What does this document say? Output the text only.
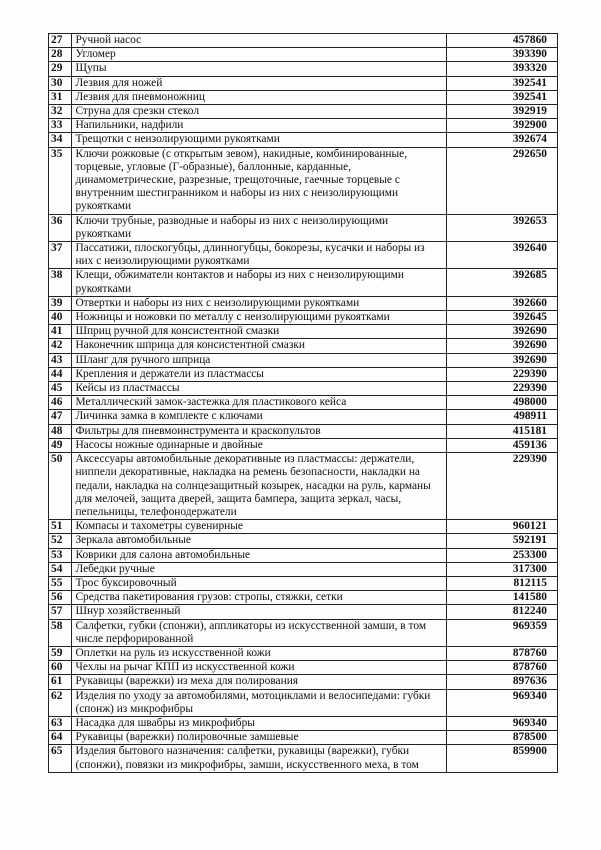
27	Ручной насос	457860
28	Угломер	393390
29	Щупы	393320
30	Лезвия для ножей	392541
31	Лезвия для пневмоножниц	392541
32	Струна для срезки стекол	392919
33	Напильники, надфили	392900
34	Трещотки с неизолирующими рукоятками	392674
35	Ключи рожковые (с открытым зевом), накидные, комбинированные, торцевые, угловые (Г-образные), баллонные, карданные, динамометрические, разрезные, трещоточные, гаечные торцевые с внутренним шестигранником и наборы из них с неизолирующими рукоятками	292650
36	Ключи трубные, разводные и наборы из них с неизолирующими рукоятками	392653
37	Пассатижи, плоскогубцы, длинногубцы, бокорезы, кусачки и наборы из них с неизолирующими рукоятками	392640
38	Клещи, обжиматели контактов и наборы из них с неизолирующими рукоятками	392685
39	Отвертки и наборы из них с неизолирующими рукоятками	392660
40	Ножницы и ножовки по металлу с неизолирующими рукоятками	392645
41	Шприц ручной для консистентной смазки	392690
42	Наконечник шприца для консистентной смазки	392690
43	Шланг для ручного шприца	392690
44	Крепления и держатели из пластмассы	229390
45	Кейсы из пластмассы	229390
46	Металлический замок-застежка для пластикового кейса	498000
47	Личинка замка в комплекте с ключами	498911
48	Фильтры для пневмоинструмента и краскопультов	415181
49	Насосы ножные одинарные и двойные	459136
50	Аксессуары автомобильные декоративные из пластмассы: держатели, ниппели декоративные, накладка на ремень безопасности, накладки на педали, накладка на солнцезащитный козырек, насадки на руль, карманы для мелочей, защита дверей, защита бампера, защита зеркал, часы, пепельницы, телефонодержатели	229390
51	Компасы и тахометры сувенирные	960121
52	Зеркала автомобильные	592191
53	Коврики для салона автомобильные	253300
54	Лебедки ручные	317300
55	Трос буксировочный	812115
56	Средства пакетирования грузов: стропы, стяжки, сетки	141580
57	Шнур хозяйственный	812240
58	Салфетки, губки (спонжи), аппликаторы из искусственной замши, в том числе перфорированной	969359
59	Оплетки на руль из искусственной кожи	878760
60	Чехлы на рычаг КПП из искусственной кожи	878760
61	Рукавицы (варежки) из меха для полирования	897636
62	Изделия по уходу за автомобилями, мотоциклами и велосипедами: губки (спонж) из микрофибры	969340
63	Насадка для швабры из микрофибры	969340
64	Рукавицы (варежки) полировочные замшевые	878500
65	Изделия бытового назначения: салфетки, рукавицы (варежки), губки (спонжи), повязки из микрофибры, замши, искусственного меха, в том	859900
